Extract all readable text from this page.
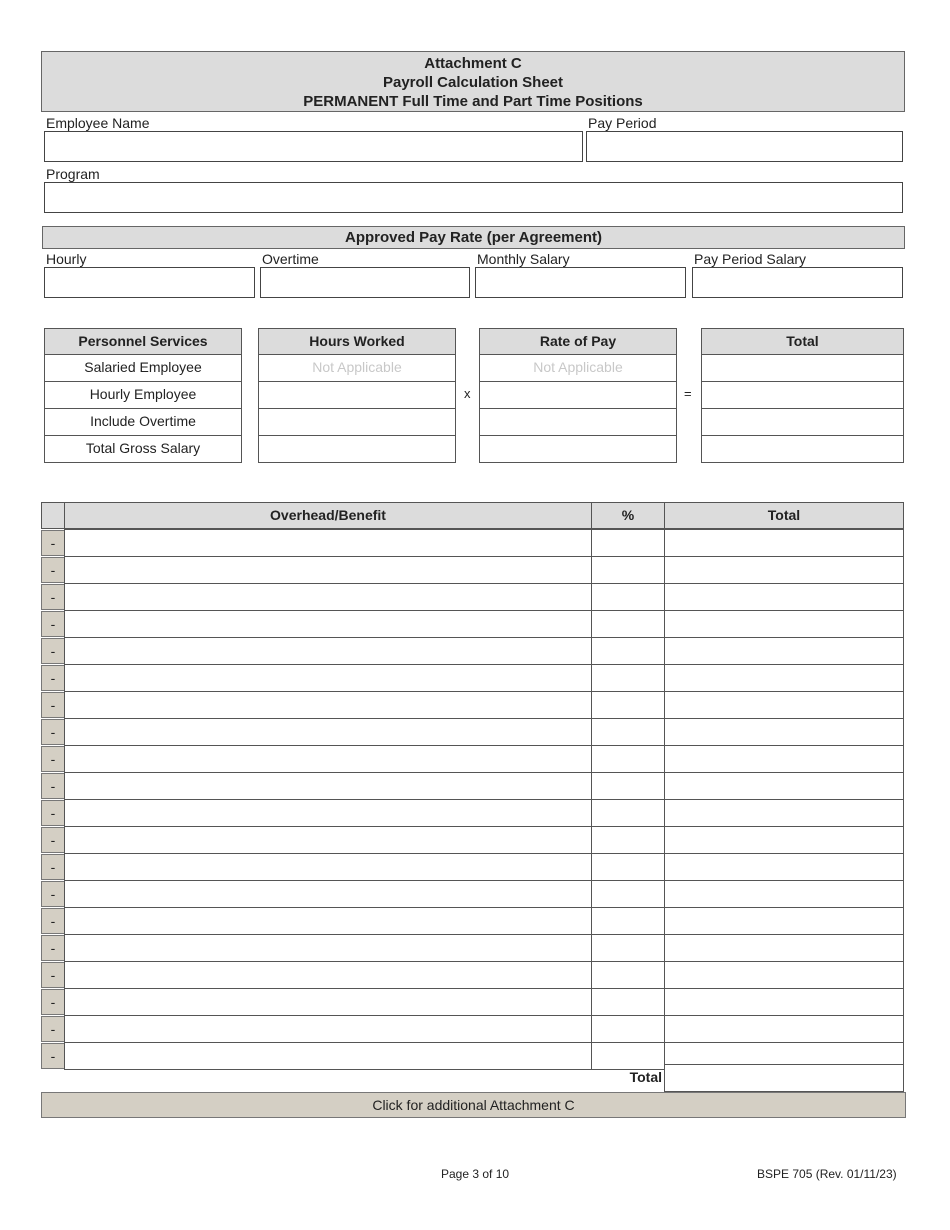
Attachment C
Payroll Calculation Sheet
PERMANENT Full Time and Part Time Positions
Employee Name	Pay Period
Program
Approved Pay Rate (per Agreement)
Hourly	Overtime	Monthly Salary	Pay Period Salary
Personnel Services	Hours Worked	Rate of Pay	Total
Salaried Employee	Not Applicable	Not Applicable
Hourly Employee	x	=
Include Overtime
Total Gross Salary
Overhead/Benefit	%	Total
-
-
-
-
-
-
-
-
-
-
-
-
-
-
-
-
-
-
-
-
Total
Click for additional Attachment C
Page 3 of 10	BSPE 705 (Rev. 01/11/23)
